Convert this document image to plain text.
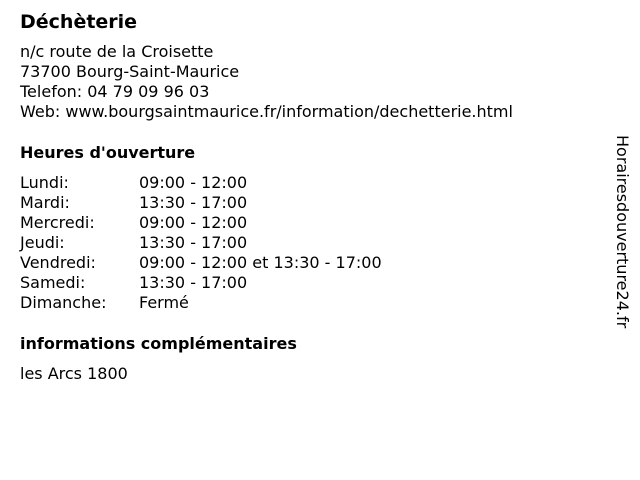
Déchèterie
n/c route de la Croisette
73700 Bourg-Saint-Maurice
Telefon: 04 79 09 96 03
Web: www.bourgsaintmaurice.fr/information/dechetterie.html
Heures d'ouverture
Lundi:	09:00 - 12:00
Mardi:	13:30 - 17:00
Mercredi:	09:00 - 12:00
Jeudi:	13:30 - 17:00
Vendredi:	09:00 - 12:00 et 13:30 - 17:00
Samedi:	13:30 - 17:00
Dimanche:	Fermé
informations complémentaires
les Arcs 1800
Horairesdouverture24.fr
